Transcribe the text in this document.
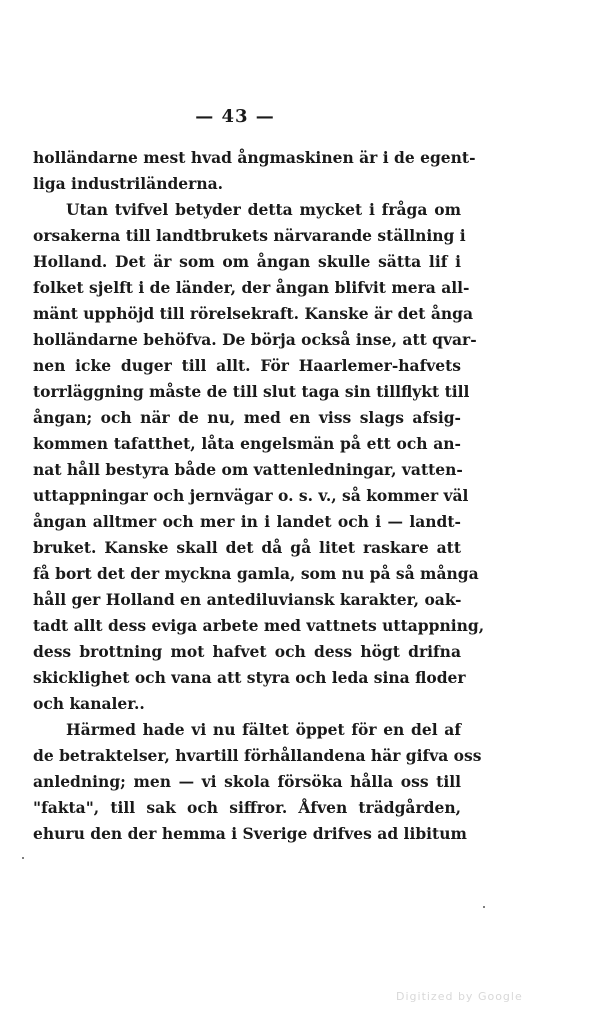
— 43 —
holländarne mest hvad ångmaskinen är i de egent-
liga industriländerna.
Utan tvifvel betyder detta mycket i fråga om
orsakerna till landtbrukets närvarande ställning i
Holland. Det är som om ångan skulle sätta lif i
folket sjelft i de länder, der ångan blifvit mera all-
mänt upphöjd till rörelsekraft. Kanske är det ånga
holländarne behöfva. De börja också inse, att qvar-
nen icke duger till allt. För Haarlemer-hafvets
torrläggning måste de till slut taga sin tillflykt till
ångan; och när de nu, med en viss slags afsig-
kommen tafatthet, låta engelsmän på ett och an-
nat håll bestyra både om vattenledningar, vatten-
uttappningar och jernvägar o. s. v., så kommer väl
ångan alltmer och mer in i landet och i — landt-
bruket. Kanske skall det då gå litet raskare att
få bort det der myckna gamla, som nu på så många
håll ger Holland en antediluviansk karakter, oak-
tadt allt dess eviga arbete med vattnets uttappning,
dess brottning mot hafvet och dess högt drifna
skicklighet och vana att styra och leda sina floder
och kanaler..
Härmed hade vi nu fältet öppet för en del af
de betraktelser, hvartill förhållandena här gifva oss
anledning; men — vi skola försöka hålla oss till
"fakta", till sak och siffror. Åfven trädgården,
ehuru den der hemma i Sverige drifves ad libitum
Digitized by Google
